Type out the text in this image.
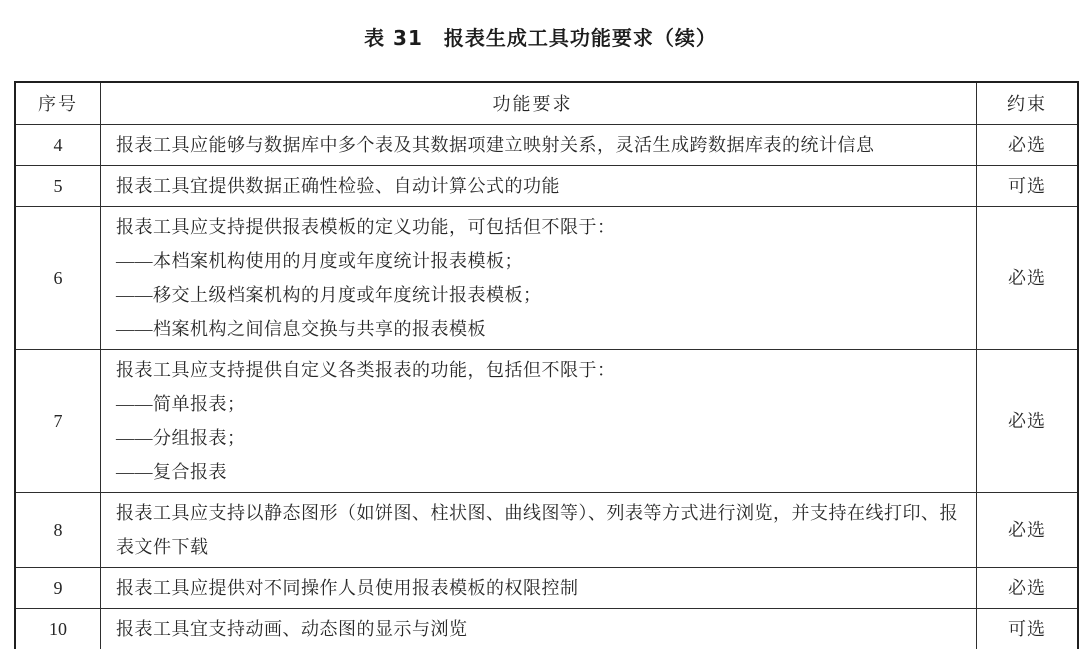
表 31　报表生成工具功能要求（续）
序号	功能要求	约束
4	报表工具应能够与数据库中多个表及其数据项建立映射关系，灵活生成跨数据库表的统计信息	必选
5	报表工具宜提供数据正确性检验、自动计算公式的功能	可选
6	报表工具应支持提供报表模板的定义功能，可包括但不限于：
——本档案机构使用的月度或年度统计报表模板；
——移交上级档案机构的月度或年度统计报表模板；
——档案机构之间信息交换与共享的报表模板	必选
7	报表工具应支持提供自定义各类报表的功能，包括但不限于：
——简单报表；
——分组报表；
——复合报表	必选
8	报表工具应支持以静态图形（如饼图、柱状图、曲线图等）、列表等方式进行浏览，并支持在线打印、报表文件下载	必选
9	报表工具应提供对不同操作人员使用报表模板的权限控制	必选
10	报表工具宜支持动画、动态图的显示与浏览	可选
